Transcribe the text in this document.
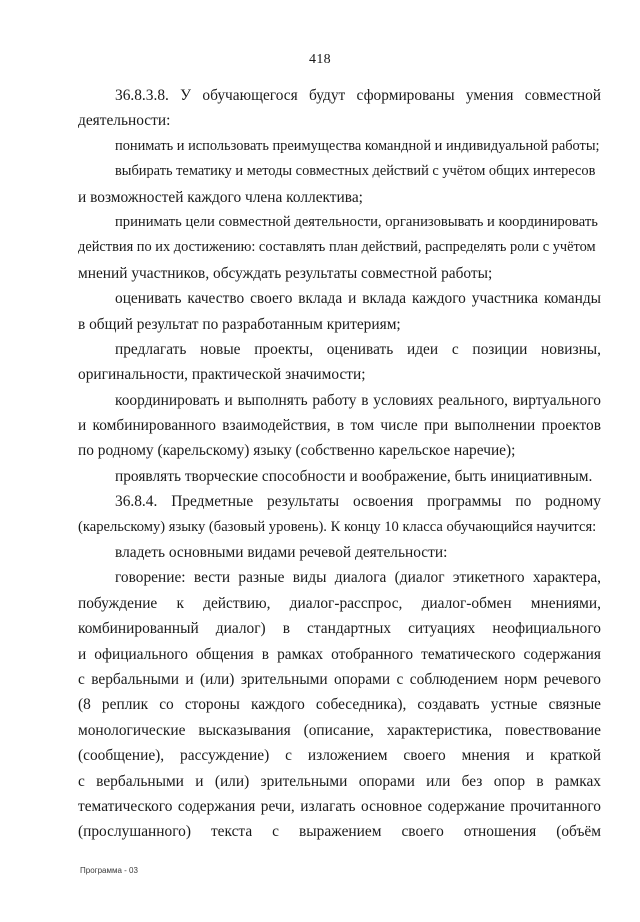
418
36.8.3.8. У обучающегося будут сформированы умения совместной
деятельности:
понимать и использовать преимущества командной и индивидуальной работы;
выбирать тематику и методы совместных действий с учётом общих интересов
и возможностей каждого члена коллектива;
принимать цели совместной деятельности, организовывать и координировать
действия по их достижению: составлять план действий, распределять роли с учётом
мнений участников, обсуждать результаты совместной работы;
оценивать качество своего вклада и вклада каждого участника команды
в общий результат по разработанным критериям;
предлагать новые проекты, оценивать идеи с позиции новизны,
оригинальности, практической значимости;
координировать и выполнять работу в условиях реального, виртуального
и комбинированного взаимодействия, в том числе при выполнении проектов
по родному (карельскому) языку (собственно карельское наречие);
проявлять творческие способности и воображение, быть инициативным.
36.8.4. Предметные результаты освоения программы по родному
(карельскому) языку (базовый уровень). К концу 10 класса обучающийся научится:
владеть основными видами речевой деятельности:
говорение: вести разные виды диалога (диалог этикетного характера,
побуждение к действию, диалог-расспрос, диалог-обмен мнениями,
комбинированный диалог) в стандартных ситуациях неофициального
и официального общения в рамках отобранного тематического содержания
с вербальными и (или) зрительными опорами с соблюдением норм речевого
(8 реплик со стороны каждого собеседника), создавать устные связные
монологические высказывания (описание, характеристика, повествование
(сообщение), рассуждение) с изложением своего мнения и краткой
с вербальными и (или) зрительными опорами или без опор в рамках
тематического содержания речи, излагать основное содержание прочитанного
(прослушанного) текста с выражением своего отношения (объём
Программа - 03
